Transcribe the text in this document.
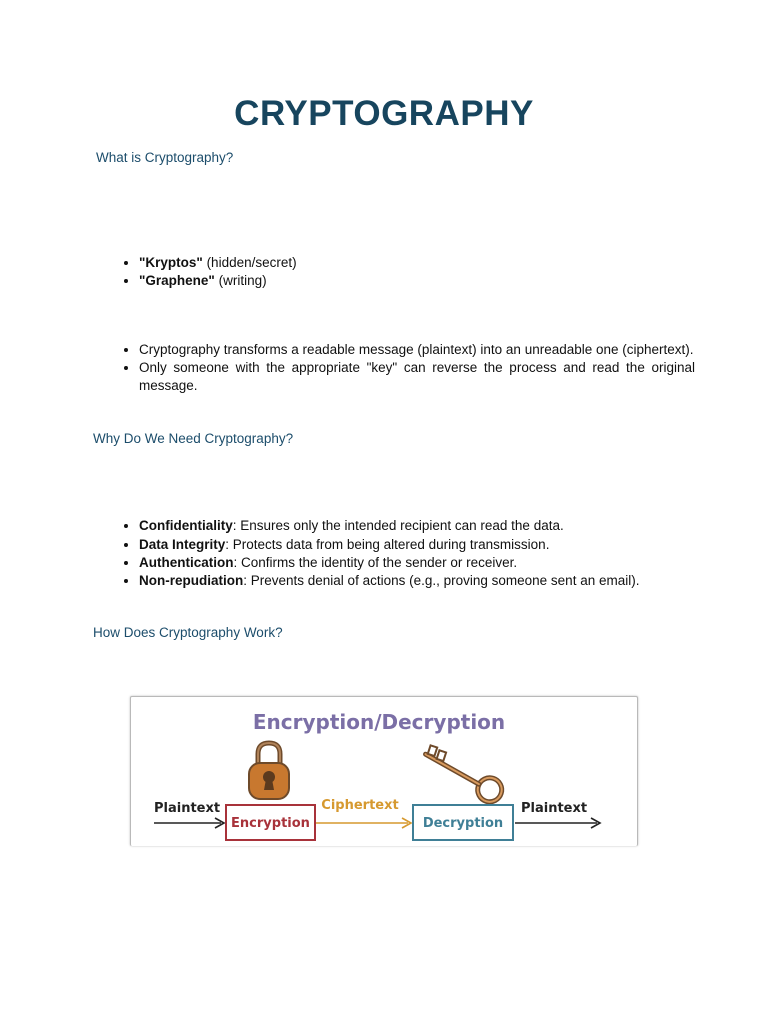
CRYPTOGRAPHY

What is Cryptography?

• "Kryptos" (hidden/secret)
• "Graphene" (writing)
• Cryptography transforms a readable message (plaintext) into an unreadable one (ciphertext).
• Only someone with the appropriate "key" can reverse the process and read the original message.

Why Do We Need Cryptography?

• Confidentiality: Ensures only the intended recipient can read the data.
• Data Integrity: Protects data from being altered during transmission.
• Authentication: Confirms the identity of the sender or receiver.
• Non-repudiation: Prevents denial of actions (e.g., proving someone sent an email).

How Does Cryptography Work?

Encryption/Decryption
Plaintext
Encryption
Ciphertext
Decryption
Plaintext
